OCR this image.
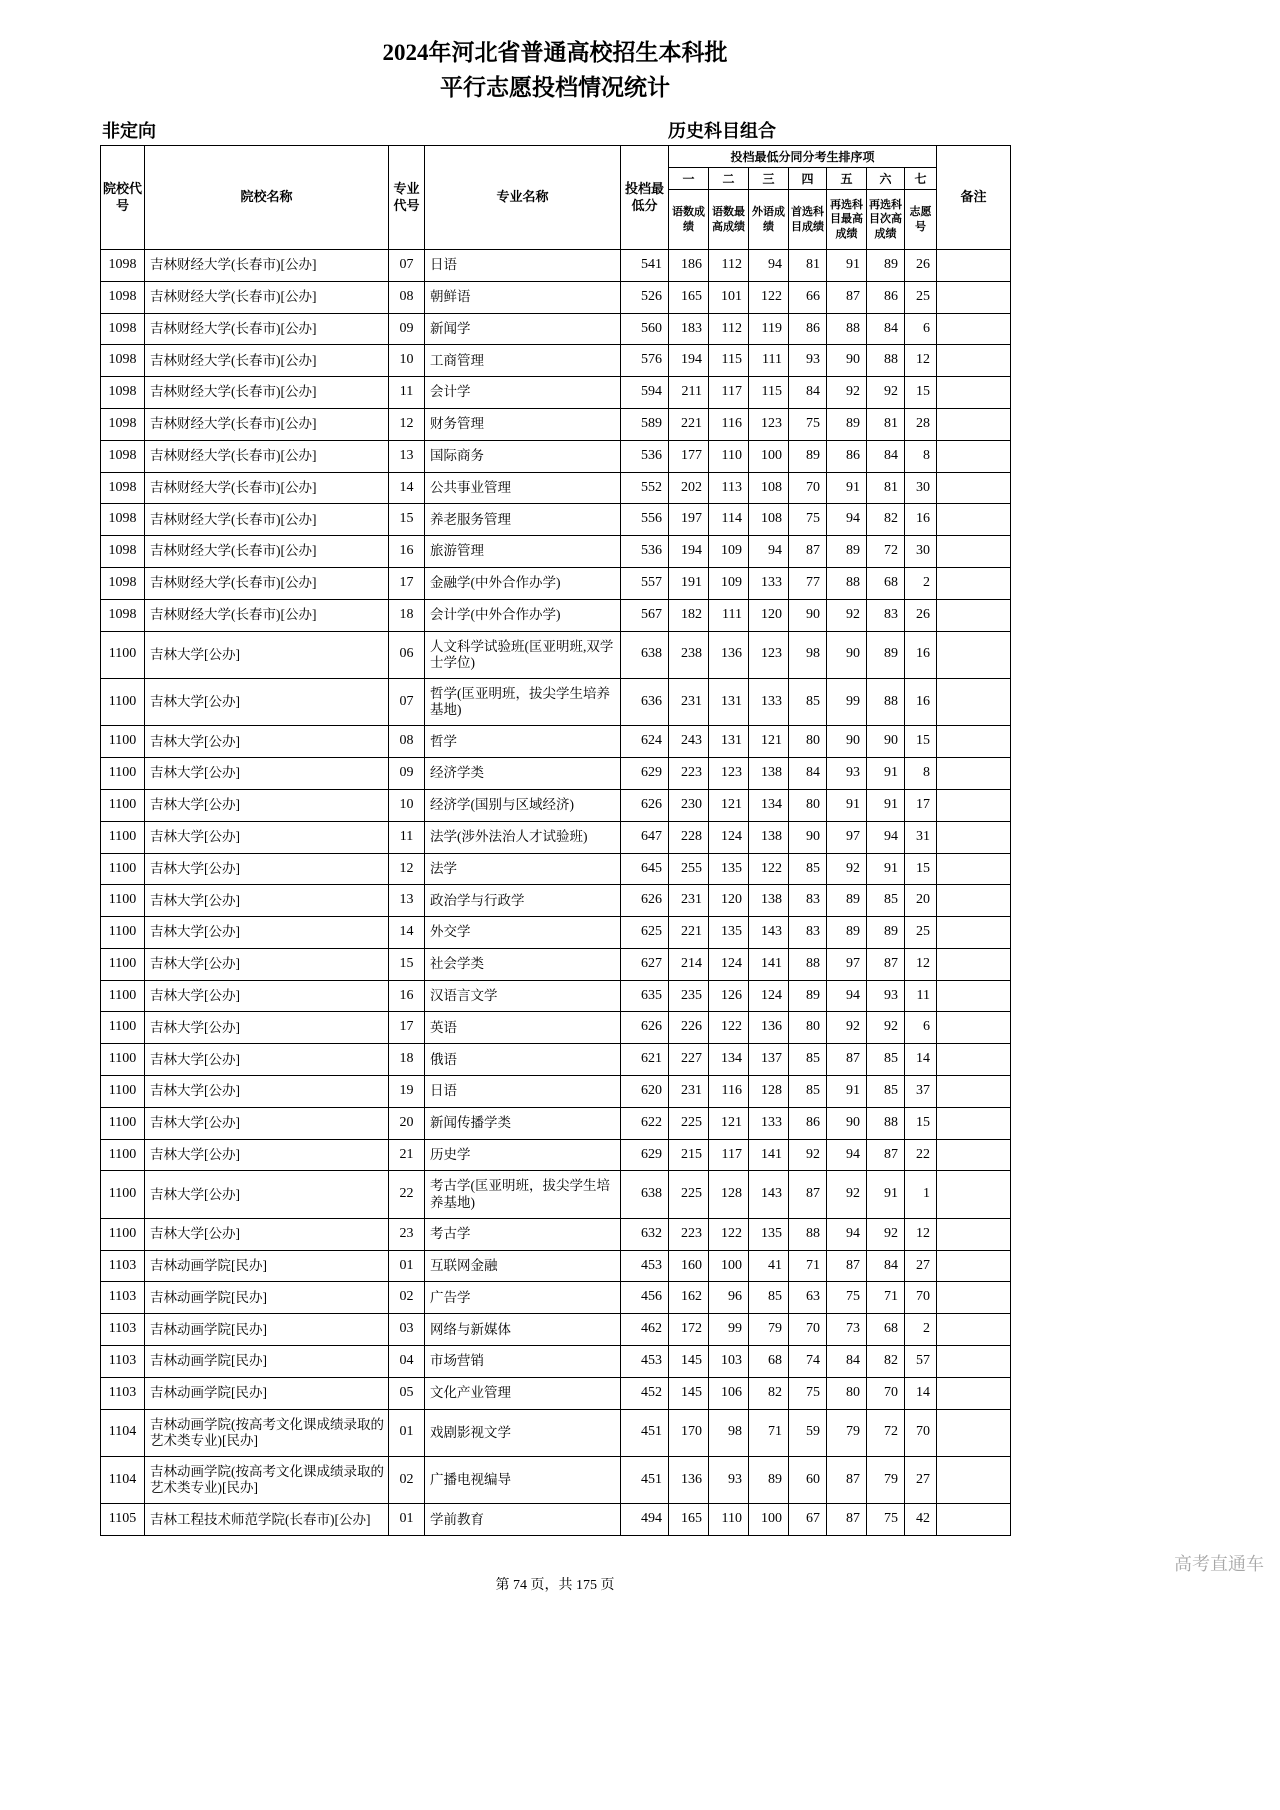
2024年河北省普通高校招生本科批
平行志愿投档情况统计
非定向	历史科目组合
院校代号	院校名称	专业代号	专业名称	投档最低分	投档最低分同分考生排序项							备注
					一	二	三	四	五	六	七	
					语数成绩	语数最高成绩	外语成绩	首选科目成绩	再选科目最高成绩	再选科目次高成绩	志愿号	
1098	吉林财经大学(长春市)[公办]	07	日语	541	186	112	94	81	91	89	26	
1098	吉林财经大学(长春市)[公办]	08	朝鲜语	526	165	101	122	66	87	86	25	
1098	吉林财经大学(长春市)[公办]	09	新闻学	560	183	112	119	86	88	84	6	
1098	吉林财经大学(长春市)[公办]	10	工商管理	576	194	115	111	93	90	88	12	
1098	吉林财经大学(长春市)[公办]	11	会计学	594	211	117	115	84	92	92	15	
1098	吉林财经大学(长春市)[公办]	12	财务管理	589	221	116	123	75	89	81	28	
1098	吉林财经大学(长春市)[公办]	13	国际商务	536	177	110	100	89	86	84	8	
1098	吉林财经大学(长春市)[公办]	14	公共事业管理	552	202	113	108	70	91	81	30	
1098	吉林财经大学(长春市)[公办]	15	养老服务管理	556	197	114	108	75	94	82	16	
1098	吉林财经大学(长春市)[公办]	16	旅游管理	536	194	109	94	87	89	72	30	
1098	吉林财经大学(长春市)[公办]	17	金融学(中外合作办学)	557	191	109	133	77	88	68	2	
1098	吉林财经大学(长春市)[公办]	18	会计学(中外合作办学)	567	182	111	120	90	92	83	26	
1100	吉林大学[公办]	06	人文科学试验班(匡亚明班,双学士学位)	638	238	136	123	98	90	89	16	
1100	吉林大学[公办]	07	哲学(匡亚明班，拔尖学生培养基地)	636	231	131	133	85	99	88	16	
1100	吉林大学[公办]	08	哲学	624	243	131	121	80	90	90	15	
1100	吉林大学[公办]	09	经济学类	629	223	123	138	84	93	91	8	
1100	吉林大学[公办]	10	经济学(国别与区域经济)	626	230	121	134	80	91	91	17	
1100	吉林大学[公办]	11	法学(涉外法治人才试验班)	647	228	124	138	90	97	94	31	
1100	吉林大学[公办]	12	法学	645	255	135	122	85	92	91	15	
1100	吉林大学[公办]	13	政治学与行政学	626	231	120	138	83	89	85	20	
1100	吉林大学[公办]	14	外交学	625	221	135	143	83	89	89	25	
1100	吉林大学[公办]	15	社会学类	627	214	124	141	88	97	87	12	
1100	吉林大学[公办]	16	汉语言文学	635	235	126	124	89	94	93	11	
1100	吉林大学[公办]	17	英语	626	226	122	136	80	92	92	6	
1100	吉林大学[公办]	18	俄语	621	227	134	137	85	87	85	14	
1100	吉林大学[公办]	19	日语	620	231	116	128	85	91	85	37	
1100	吉林大学[公办]	20	新闻传播学类	622	225	121	133	86	90	88	15	
1100	吉林大学[公办]	21	历史学	629	215	117	141	92	94	87	22	
1100	吉林大学[公办]	22	考古学(匡亚明班，拔尖学生培养基地)	638	225	128	143	87	92	91	1	
1100	吉林大学[公办]	23	考古学	632	223	122	135	88	94	92	12	
1103	吉林动画学院[民办]	01	互联网金融	453	160	100	41	71	87	84	27	
1103	吉林动画学院[民办]	02	广告学	456	162	96	85	63	75	71	70	
1103	吉林动画学院[民办]	03	网络与新媒体	462	172	99	79	70	73	68	2	
1103	吉林动画学院[民办]	04	市场营销	453	145	103	68	74	84	82	57	
1103	吉林动画学院[民办]	05	文化产业管理	452	145	106	82	75	80	70	14	
1104	吉林动画学院(按高考文化课成绩录取的艺术类专业)[民办]	01	戏剧影视文学	451	170	98	71	59	79	72	70	
1104	吉林动画学院(按高考文化课成绩录取的艺术类专业)[民办]	02	广播电视编导	451	136	93	89	60	87	79	27	
1105	吉林工程技术师范学院(长春市)[公办]	01	学前教育	494	165	110	100	67	87	75	42	
第 74 页，共 175 页
高考直通车
